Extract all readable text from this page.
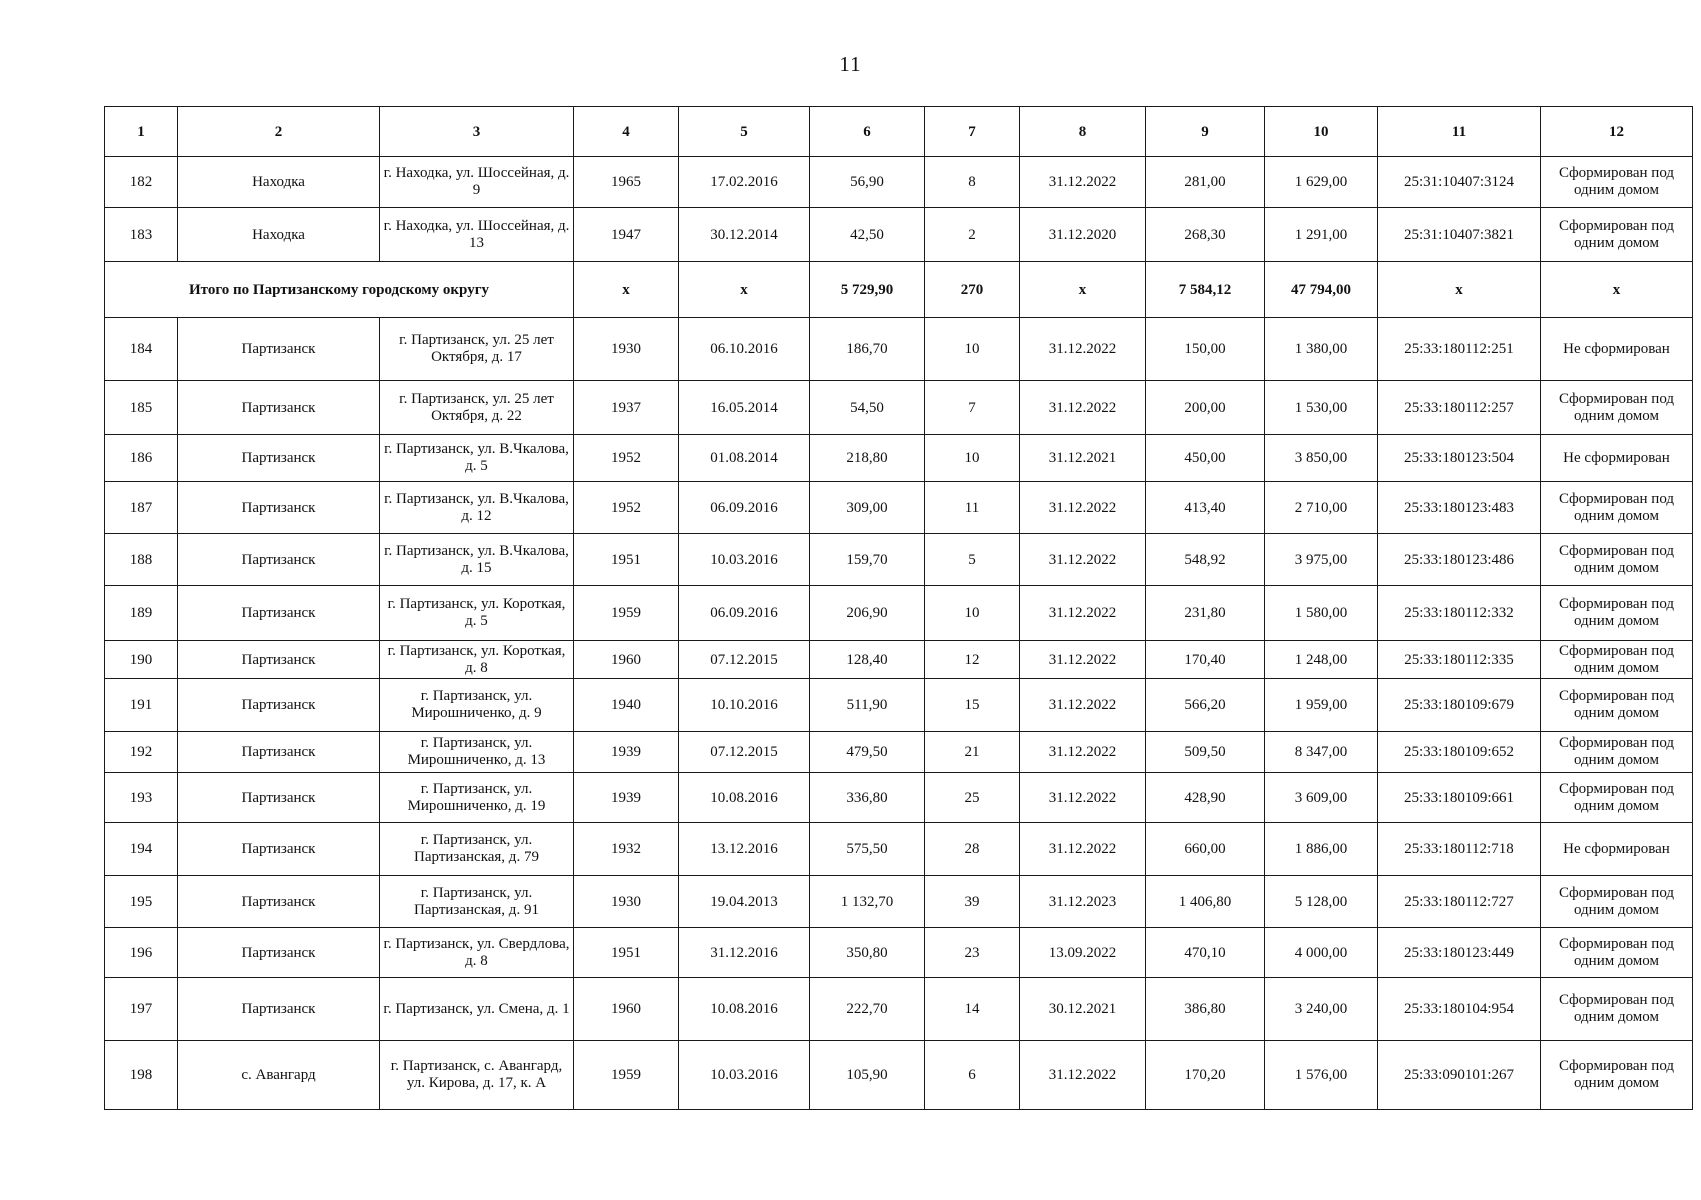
11
1	2	3	4	5	6	7	8	9	10	11	12
182	Находка	г. Находка, ул. Шоссейная, д. 9	1965	17.02.2016	56,90	8	31.12.2022	281,00	1 629,00	25:31:10407:3124	Сформирован под одним домом
183	Находка	г. Находка, ул. Шоссейная, д. 13	1947	30.12.2014	42,50	2	31.12.2020	268,30	1 291,00	25:31:10407:3821	Сформирован под одним домом
Итого по Партизанскому городскому округу			x	x	5 729,90	270	x	7 584,12	47 794,00	x	x
184	Партизанск	г. Партизанск, ул. 25 лет Октября, д. 17	1930	06.10.2016	186,70	10	31.12.2022	150,00	1 380,00	25:33:180112:251	Не сформирован
185	Партизанск	г. Партизанск, ул. 25 лет Октября, д. 22	1937	16.05.2014	54,50	7	31.12.2022	200,00	1 530,00	25:33:180112:257	Сформирован под одним домом
186	Партизанск	г. Партизанск, ул. В.Чкалова, д. 5	1952	01.08.2014	218,80	10	31.12.2021	450,00	3 850,00	25:33:180123:504	Не сформирован
187	Партизанск	г. Партизанск, ул. В.Чкалова, д. 12	1952	06.09.2016	309,00	11	31.12.2022	413,40	2 710,00	25:33:180123:483	Сформирован под одним домом
188	Партизанск	г. Партизанск, ул. В.Чкалова, д. 15	1951	10.03.2016	159,70	5	31.12.2022	548,92	3 975,00	25:33:180123:486	Сформирован под одним домом
189	Партизанск	г. Партизанск, ул. Короткая, д. 5	1959	06.09.2016	206,90	10	31.12.2022	231,80	1 580,00	25:33:180112:332	Сформирован под одним домом
190	Партизанск	г. Партизанск, ул. Короткая, д. 8	1960	07.12.2015	128,40	12	31.12.2022	170,40	1 248,00	25:33:180112:335	Сформирован под одним домом
191	Партизанск	г. Партизанск, ул. Мирошниченко, д. 9	1940	10.10.2016	511,90	15	31.12.2022	566,20	1 959,00	25:33:180109:679	Сформирован под одним домом
192	Партизанск	г. Партизанск, ул. Мирошниченко, д. 13	1939	07.12.2015	479,50	21	31.12.2022	509,50	8 347,00	25:33:180109:652	Сформирован под одним домом
193	Партизанск	г. Партизанск, ул. Мирошниченко, д. 19	1939	10.08.2016	336,80	25	31.12.2022	428,90	3 609,00	25:33:180109:661	Сформирован под одним домом
194	Партизанск	г. Партизанск, ул. Партизанская, д. 79	1932	13.12.2016	575,50	28	31.12.2022	660,00	1 886,00	25:33:180112:718	Не сформирован
195	Партизанск	г. Партизанск, ул. Партизанская, д. 91	1930	19.04.2013	1 132,70	39	31.12.2023	1 406,80	5 128,00	25:33:180112:727	Сформирован под одним домом
196	Партизанск	г. Партизанск, ул. Свердлова, д. 8	1951	31.12.2016	350,80	23	13.09.2022	470,10	4 000,00	25:33:180123:449	Сформирован под одним домом
197	Партизанск	г. Партизанск, ул. Смена, д. 1	1960	10.08.2016	222,70	14	30.12.2021	386,80	3 240,00	25:33:180104:954	Сформирован под одним домом
198	с. Авангард	г. Партизанск, с. Авангард, ул. Кирова, д. 17, к. А	1959	10.03.2016	105,90	6	31.12.2022	170,20	1 576,00	25:33:090101:267	Сформирован под одним домом
